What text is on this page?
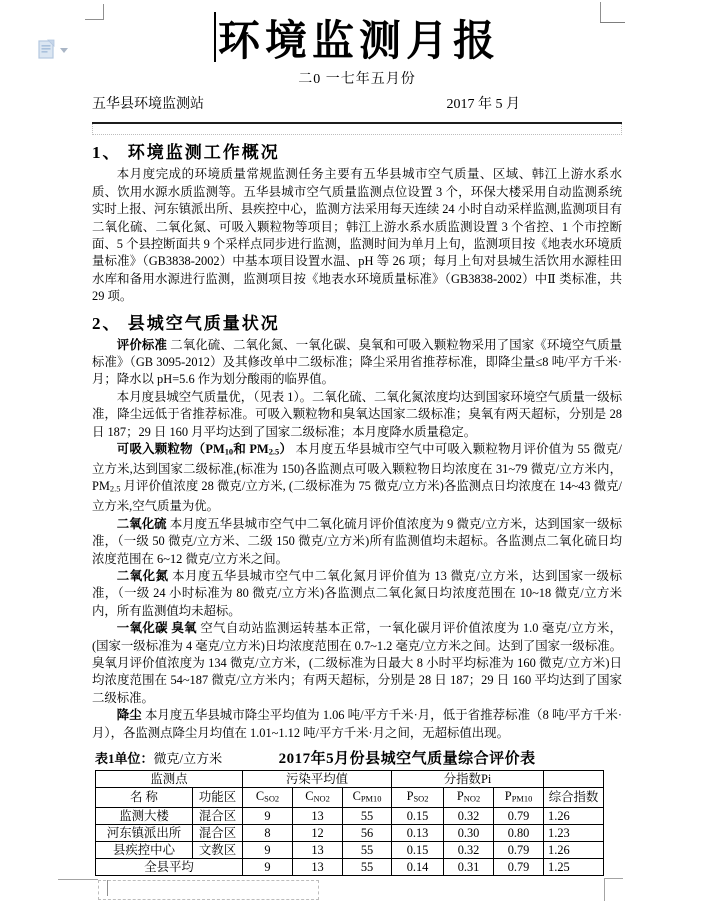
环境监测月报
二0 一七年五月份
五华县环境监测站	2017 年 5 月
1、 环境监测工作概况

本月度完成的环境质量常规监测任务主要有五华县城市空气质量、区域、韩江上游水系水质、饮用水源水质监测等。五华县城市空气质量监测点位设置 3 个，环保大楼采用自动监测系统实时上报、河东镇派出所、县疾控中心，监测方法采用每天连续 24 小时自动采样监测,监测项目有二氧化硫、二氧化氮、可吸入颗粒物等项目；韩江上游水系水质监测设置 3 个省控、1 个市控断面、5 个县控断面共 9 个采样点同步进行监测，监测时间为单月上旬，监测项目按《地表水环境质量标准》（GB3838-2002）中基本项目设置水温、pH 等 26 项；每月上旬对县城生活饮用水源桂田水库和备用水源进行监测，监测项目按《地表水环境质量标准》（GB3838-2002）中Ⅱ 类标准，共 29 项。

2、 县城空气质量状况

评价标准 二氧化硫、二氧化氮、一氧化碳、臭氧和可吸入颗粒物采用了国家《环境空气质量标准》（GB 3095-2012）及其修改单中二级标准；降尘采用省推荐标准，即降尘量≤8 吨/平方千米·月；降水以 pH=5.6 作为划分酸雨的临界值。

本月度县城空气质量优，（见表 1）。二氧化硫、二氧化氮浓度均达到国家环境空气质量一级标准，降尘远低于省推荐标准。可吸入颗粒物和臭氧达国家二级标准；臭氧有两天超标，分别是 28 日 187；29 日 160 月平均达到了国家二级标准；本月度降水质量稳定。

可吸入颗粒物（PM10和 PM2.5） 本月度五华县城市空气中可吸入颗粒物月评价值为 55 微克/立方米,达到国家二级标准,(标准为 150)各监测点可吸入颗粒物日均浓度在 31~79 微克/立方米内，PM2.5 月评价值浓度 28 微克/立方米, (二级标准为 75 微克/立方米)各监测点日均浓度在 14~43 微克/立方米,空气质量为优。

二氧化硫 本月度五华县城市空气中二氧化硫月评价值浓度为 9 微克/立方米，达到国家一级标准，（一级 50 微克/立方米、二级 150 微克/立方米)所有监测值均未超标。各监测点二氧化硫日均浓度范围在 6~12 微克/立方米之间。

二氧化氮 本月度五华县城市空气中二氧化氮月评价值为 13 微克/立方米，达到国家一级标准，（一级 24 小时标准为 80 微克/立方米)各监测点二氧化氮日均浓度范围在 10~18 微克/立方米内，所有监测值均未超标。

一氧化碳 臭氧 空气自动站监测运转基本正常，一氧化碳月评价值浓度为 1.0 毫克/立方米，(国家一级标准为 4 毫克/立方米)日均浓度范围在 0.7~1.2 毫克/立方米之间。达到了国家一级标准。臭氧月评价值浓度为 134 微克/立方米，(二级标准为日最大 8 小时平均标准为 160 微克/立方米)日均浓度范围在 54~187 微克/立方米内；有两天超标，分别是 28 日 187；29 日 160 平均达到了国家二级标准。

降尘 本月度五华县城市降尘平均值为 1.06 吨/平方千米·月，低于省推荐标准（8 吨/平方千米·月），各监测点降尘月均值在 1.01~1.12 吨/平方千米·月之间，无超标值出现。

表1单位：微克/立方米	2017年5月份县城空气质量综合评价表
监测点		污染平均值			分指数Pi			
名 称	功能区	CSO2	CNO2	CPM10	PSO2	PNO2	PPM10	综合指数
监测大楼	混合区	9	13	55	0.15	0.32	0.79	1.26
河东镇派出所	混合区	8	12	56	0.13	0.30	0.80	1.23
县疾控中心	文教区	9	13	55	0.15	0.32	0.79	1.26
全县平均		9	13	55	0.14	0.31	0.79	1.25
